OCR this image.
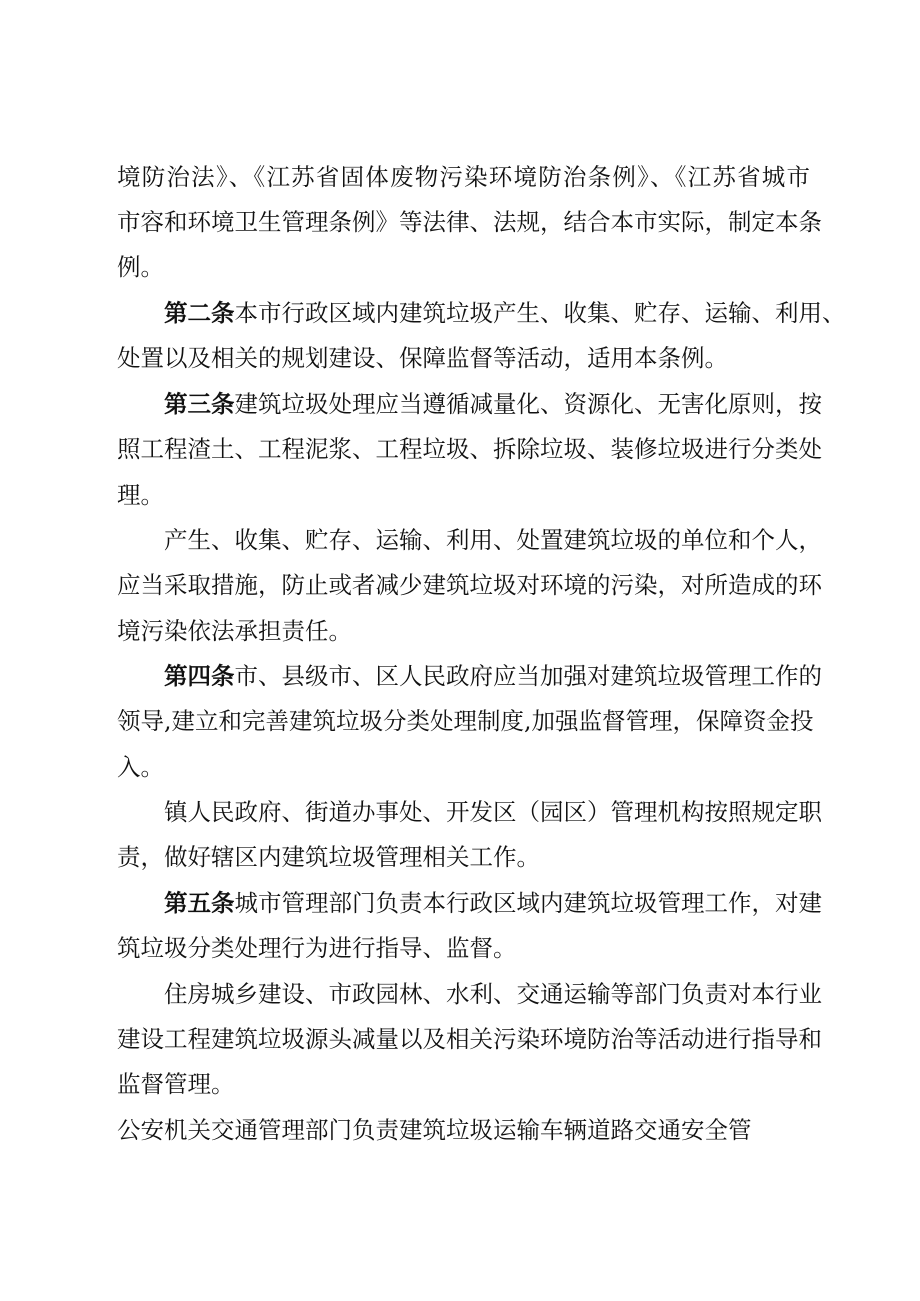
境防治法》、《江苏省固体废物污染环境防治条例》、《江苏省城市
市容和环境卫生管理条例》等法律、法规，结合本市实际，制定本条
例。
第二条本市行政区域内建筑垃圾产生、收集、贮存、运输、利用、
处置以及相关的规划建设、保障监督等活动，适用本条例。
第三条建筑垃圾处理应当遵循减量化、资源化、无害化原则，按
照工程渣土、工程泥浆、工程垃圾、拆除垃圾、装修垃圾进行分类处
理。
产生、收集、贮存、运输、利用、处置建筑垃圾的单位和个人，
应当采取措施，防止或者减少建筑垃圾对环境的污染，对所造成的环
境污染依法承担责任。
第四条市、县级市、区人民政府应当加强对建筑垃圾管理工作的
领导,建立和完善建筑垃圾分类处理制度,加强监督管理，保障资金投
入。
镇人民政府、街道办事处、开发区（园区）管理机构按照规定职
责，做好辖区内建筑垃圾管理相关工作。
第五条城市管理部门负责本行政区域内建筑垃圾管理工作，对建
筑垃圾分类处理行为进行指导、监督。
住房城乡建设、市政园林、水利、交通运输等部门负责对本行业
建设工程建筑垃圾源头减量以及相关污染环境防治等活动进行指导和
监督管理。
公安机关交通管理部门负责建筑垃圾运输车辆道路交通安全管
